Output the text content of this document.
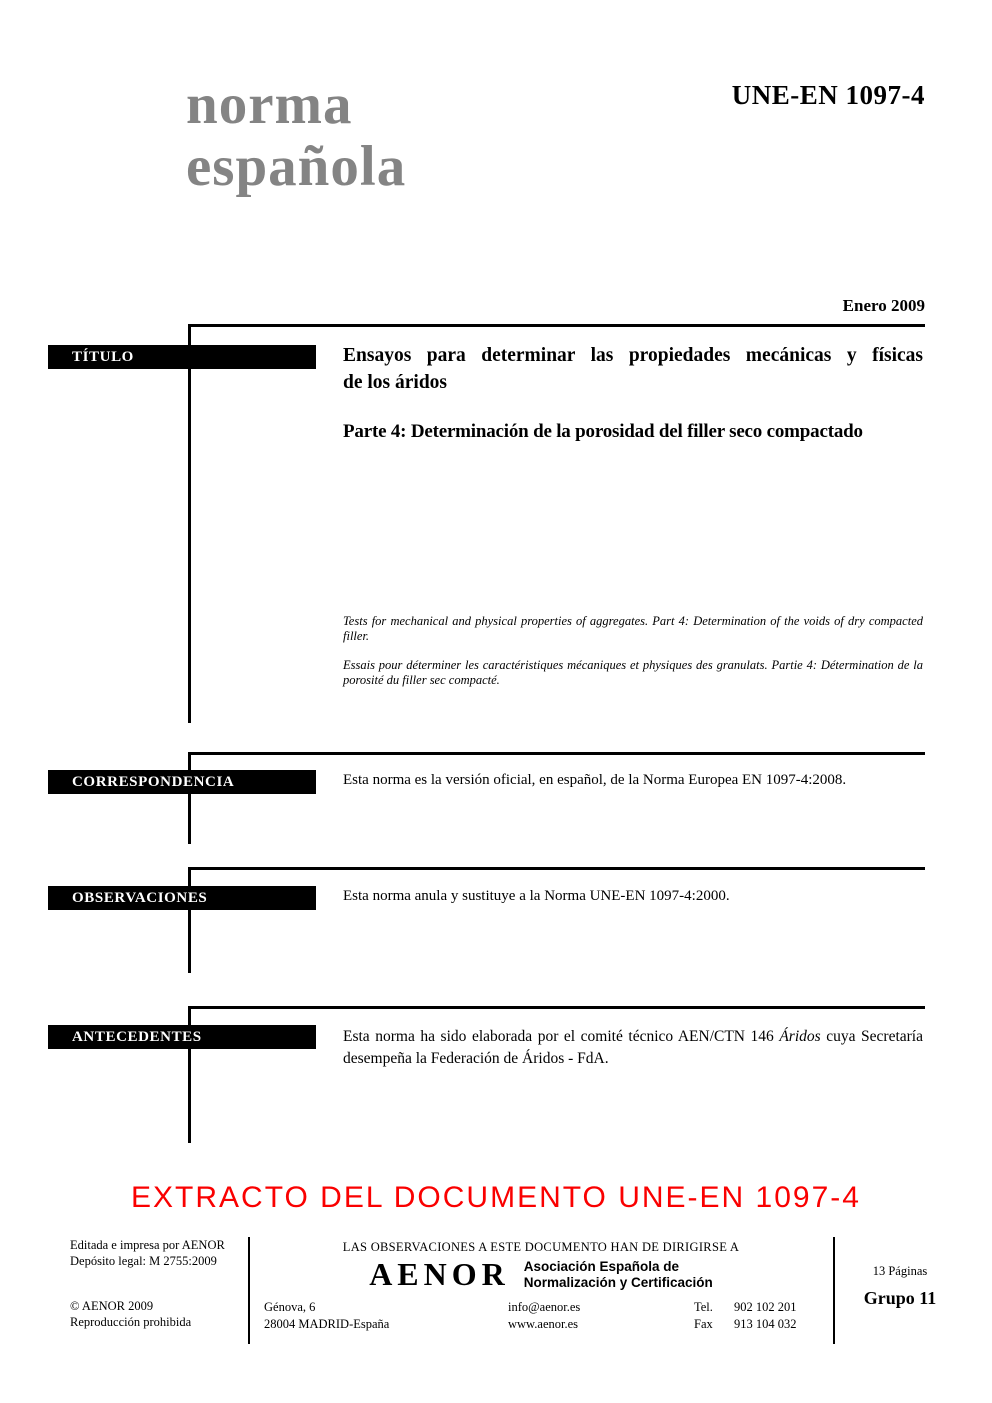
norma
española
UNE-EN 1097-4
Enero 2009
TÍTULO	Ensayos para determinar las propiedades mecánicas y físicas
de los áridos
Parte 4: Determinación de la porosidad del filler seco compactado
Tests for mechanical and physical properties of aggregates. Part 4: Determination of the voids of dry compacted filler.
Essais pour déterminer les caractéristiques mécaniques et physiques des granulats. Partie 4: Détermination de la porosité du filler sec compacté.
CORRESPONDENCIA	Esta norma es la versión oficial, en español, de la Norma Europea EN 1097-4:2008.
OBSERVACIONES	Esta norma anula y sustituye a la Norma UNE-EN 1097-4:2000.
ANTECEDENTES	Esta norma ha sido elaborada por el comité técnico AEN/CTN 146 Áridos cuya Secretaría desempeña la Federación de Áridos - FdA.
EXTRACTO DEL DOCUMENTO UNE-EN 1097-4
Editada e impresa por AENOR
Depósito legal: M 2755:2009
© AENOR 2009
Reproducción prohibida
LAS OBSERVACIONES A ESTE DOCUMENTO HAN DE DIRIGIRSE A
AENOR Asociación Española de
Normalización y Certificación
Génova, 6
28004 MADRID-España
info@aenor.es
www.aenor.es
Tel. 902 102 201
Fax 913 104 032
13 Páginas
Grupo 11
